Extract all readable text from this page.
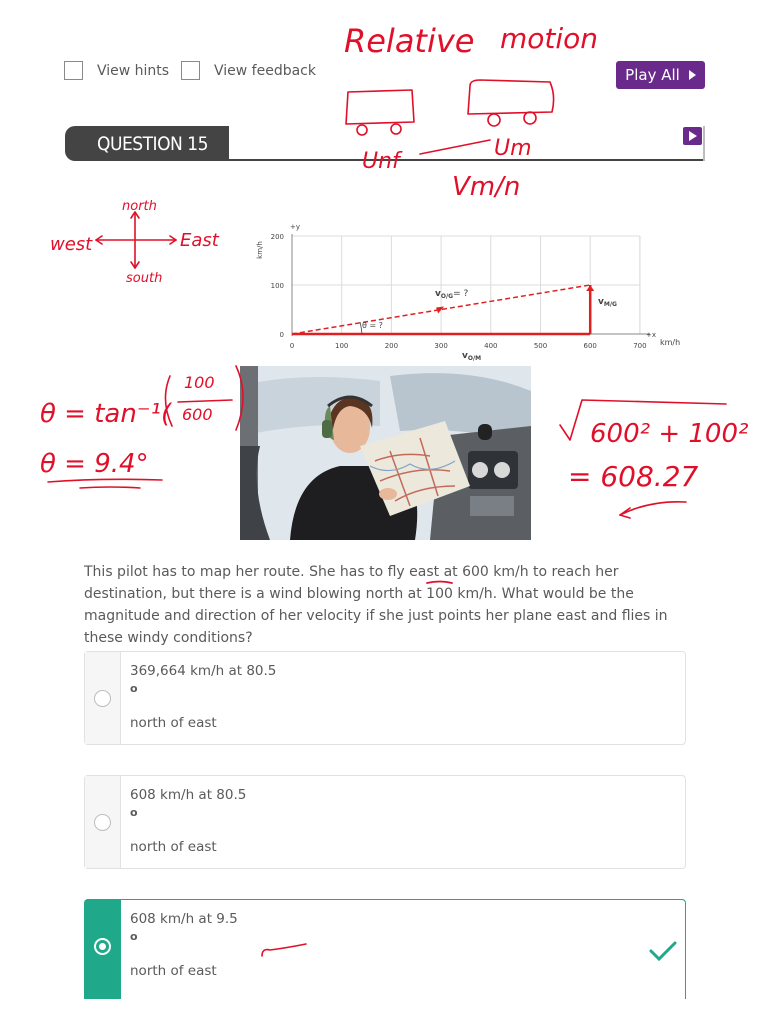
View hints	View feedback	Play All
QUESTION 15
km/h
+y
+x
km/h
0	100	200	300	400	500	600	700
0
100
200
$v_{O/G}=$ ?
$v_{M/G}$
$v_{O/M}$
θ = ?
This pilot has to map her route. She has to fly east at 600 km/h to reach her destination, but there is a wind blowing north at 100 km/h. What would be the magnitude and direction of her velocity if she just points her plane east and flies in these windy conditions?
369,664 km/h at 80.5
o
north of east
608 km/h at 80.5
o
north of east
608 km/h at 9.5
o
north of east
Relative motion
Unf
Um
Vm/n
north
south
west	East
θ = tan⁻¹(
100
600
θ = 9.4°
600² + 100²
= 608.27
